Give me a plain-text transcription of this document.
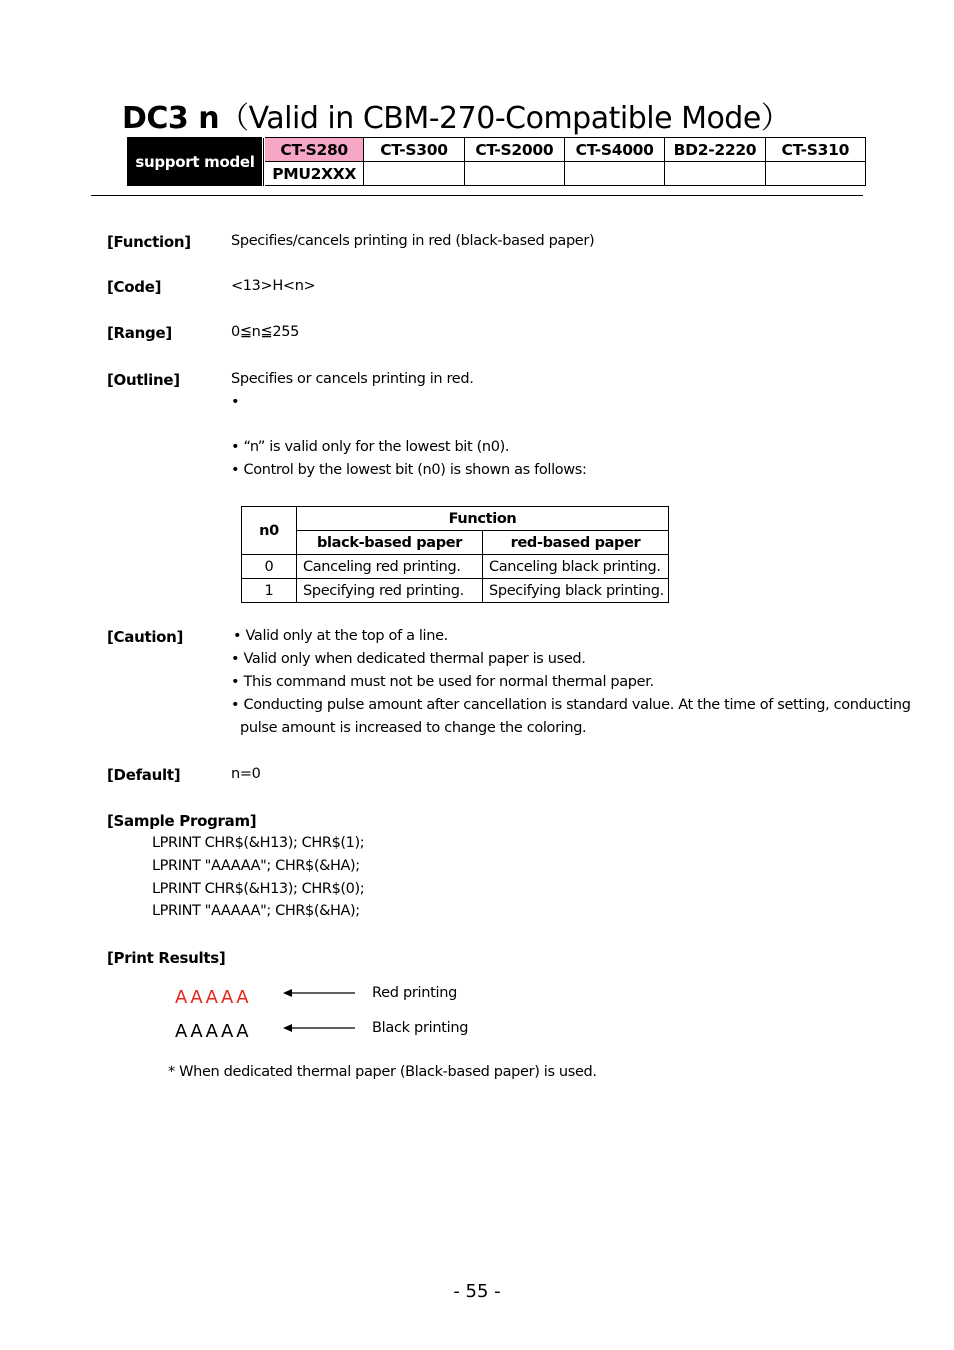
DC3 n（Valid in CBM-270-Compatible Mode）
support model	CT-S280	CT-S300	CT-S2000	CT-S4000	BD2-2220	CT-S310
	PMU2XXX					
[Function]	Specifies/cancels printing in red (black-based paper)
[Code]	<13>H<n>
[Range]	0≦n≦255
[Outline]	Specifies or cancels printing in red.
•
• “n” is valid only for the lowest bit (n0).
• Control by the lowest bit (n0) is shown as follows:
n0	Function	
	black-based paper	red-based paper
0	Canceling red printing.	Canceling black printing.
1	Specifying red printing.	Specifying black printing.
[Caution]	• Valid only at the top of a line.
• Valid only when dedicated thermal paper is used.
• This command must not be used for normal thermal paper.
• Conducting pulse amount after cancellation is standard value. At the time of setting, conducting
pulse amount is increased to change the coloring.
[Default]	n=0
[Sample Program]
LPRINT CHR$(&H13); CHR$(1);
LPRINT "AAAAA"; CHR$(&HA);
LPRINT CHR$(&H13); CHR$(0);
LPRINT "AAAAA"; CHR$(&HA);
[Print Results]
AAAAA	Red printing
AAAAA	Black printing
* When dedicated thermal paper (Black-based paper) is used.
- 55 -
